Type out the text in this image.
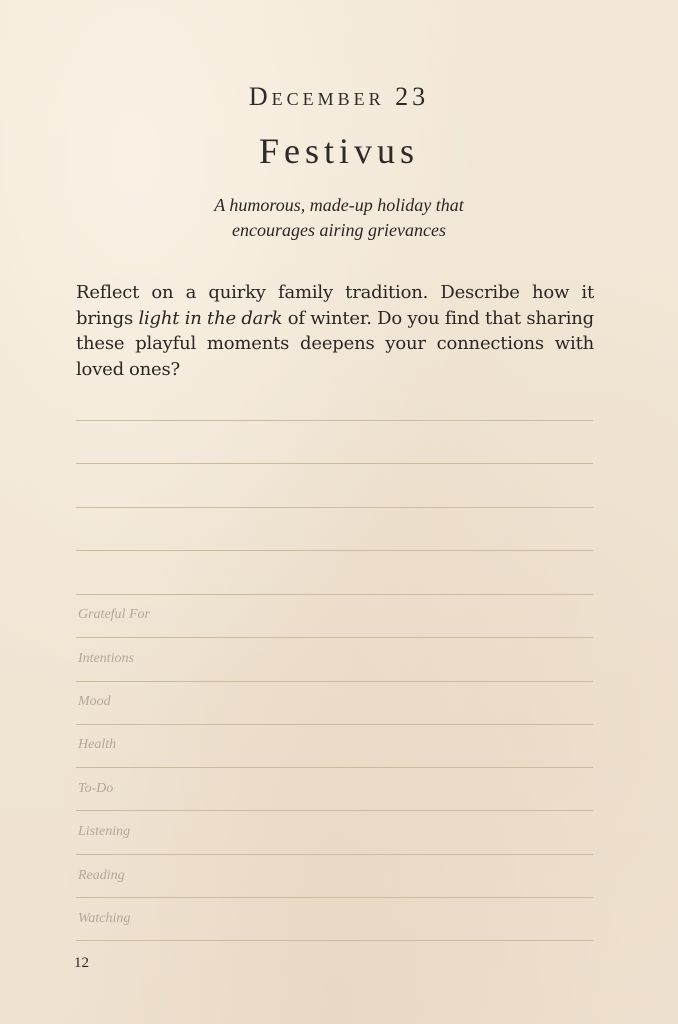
December 23
Festivus
A humorous, made-up holiday that
encourages airing grievances
Reflect on a quirky family tradition. Describe how it brings light in the dark of winter. Do you find that sharing these playful moments deepens your connections with loved ones?
Grateful For
Intentions
Mood
Health
To-Do
Listening
Reading
Watching
12
